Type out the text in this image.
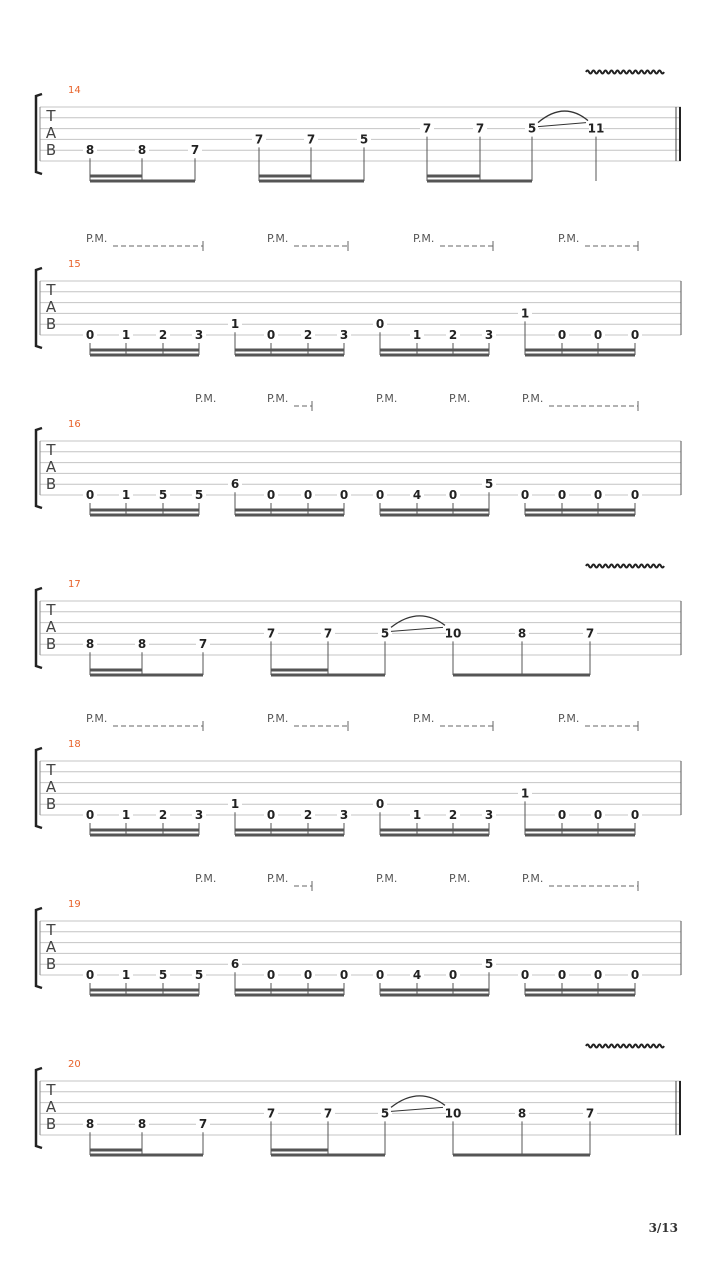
14
T
A
B 8	8	7
7	7	5
7	7	5	11
15
T
A
B
P.M.	P.M.	P.M.	P.M.
0 1 2 3
1
0 2 3
0
1 2 3
1
0 0 0
16
T
A
B
P.M.	P.M.	P.M.	P.M.	P.M.
0 1 5 5
6
0 0 0 0 4 0
5
0 0 0 0
17
T
A
B 8	8	7
7	7	5	10	8	7
18
T
A
B
P.M.	P.M.	P.M.	P.M.
0 1 2 3
1
0 2 3
0
1 2 3
1
0 0 0
19
T
A
B
P.M.	P.M.	P.M.	P.M.	P.M.
0 1 5 5
6
0 0 0 0 4 0
5
0 0 0 0
20
T
A
B 8	8	7
7	7	5	10	8	7
3/13
